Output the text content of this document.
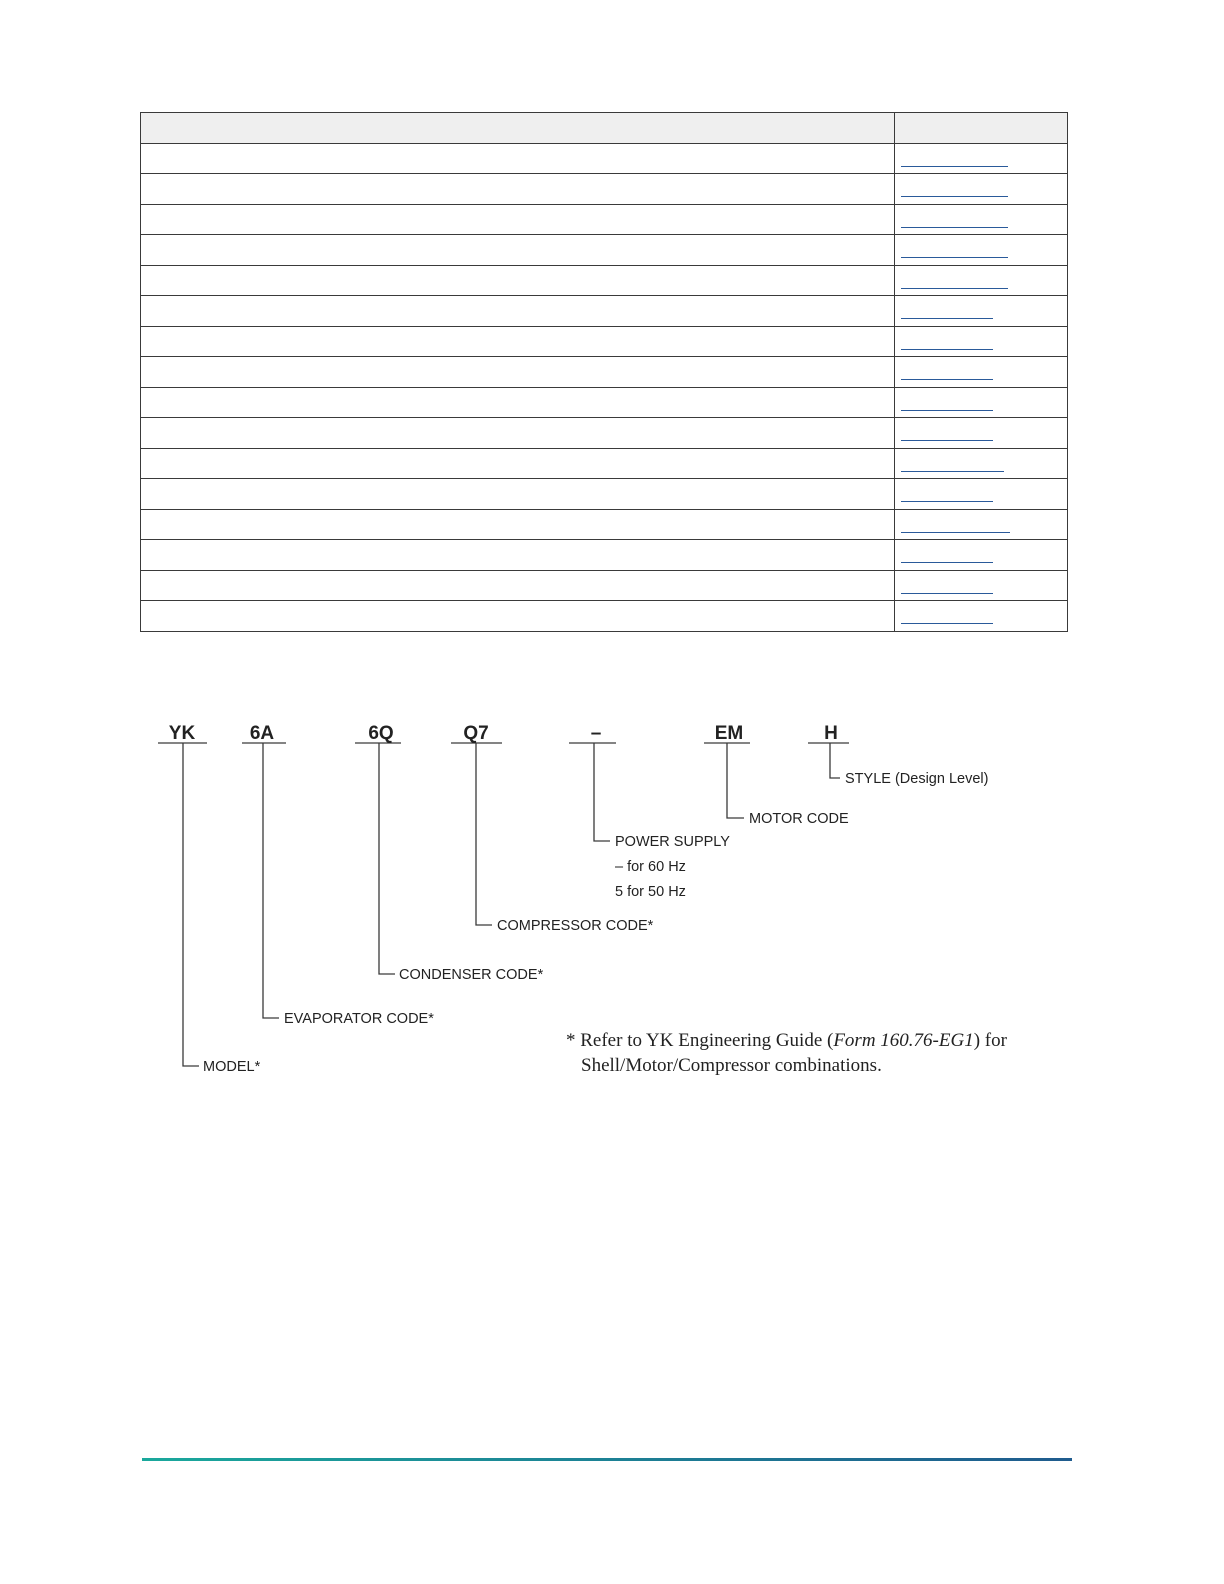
YK	6A	6Q	Q7	–	EM	H
STYLE (Design Level)
MOTOR CODE
POWER SUPPLY
– for 60 Hz
5 for 50 Hz
COMPRESSOR CODE*
CONDENSER CODE*
EVAPORATOR CODE*
MODEL*
* Refer to YK Engineering Guide (Form 160.76-EG1) for
Shell/Motor/Compressor combinations.
